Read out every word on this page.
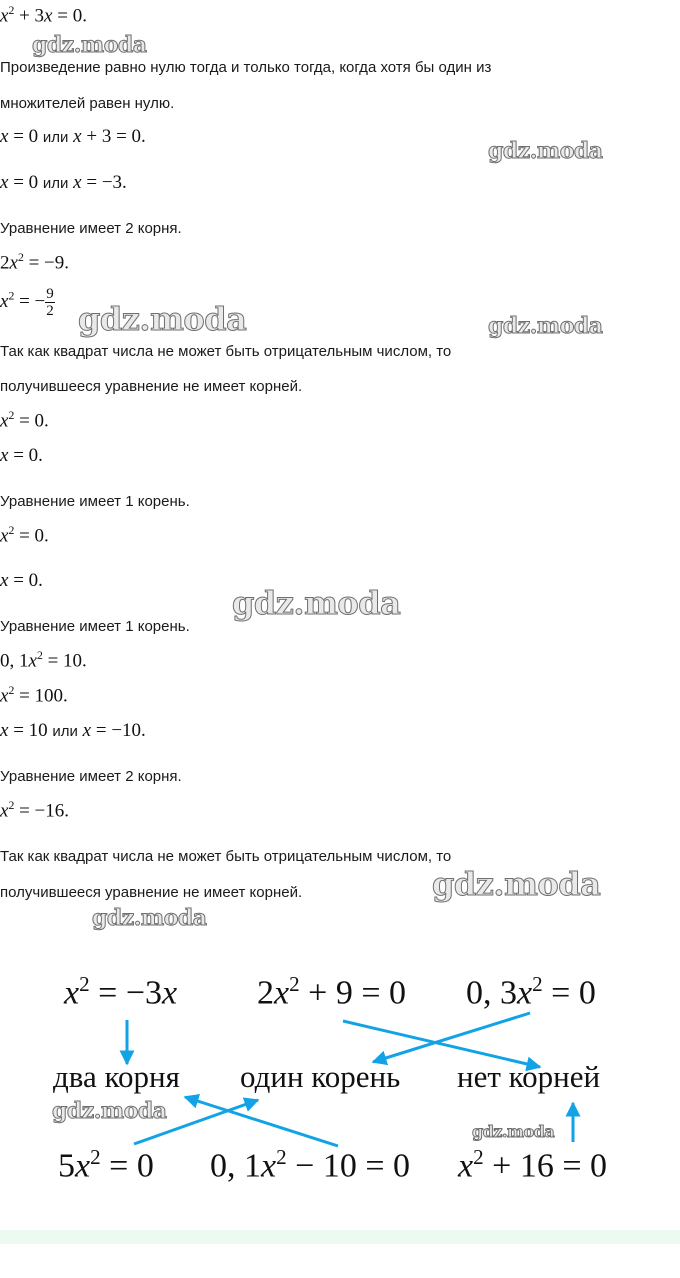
$x^2 + 3x = 0$.
Произведение равно нулю тогда и только тогда, когда хотя бы один из
множителей равен нулю.
x = 0 или x + 3 = 0.
x = 0 или x = −3.
Уравнение имеет 2 корня.
$2x^2 = -9$.
$x^2$ = − $\frac{9}{2}$
Так как квадрат числа не может быть отрицательным числом, то
получившееся уравнение не имеет корней.
$x^2 = 0$.
x = 0.
Уравнение имеет 1 корень.
$x^2 = 0$.
x = 0.
Уравнение имеет 1 корень.
0, $1x^2 = 10$.
$x^2 = 100$.
x = 10 или x = −10.
Уравнение имеет 2 корня.
$x^2 = -16$.
Так как квадрат числа не может быть отрицательным числом, то
получившееся уравнение не имеет корней.
$x^2 = -3x$ $2x^2 + 9 = 0$ 0, $3x^2 = 0$
два корня один корень нет корней
$5x^2 = 0$ 0, $1x^2 - 10 = 0$ $x^2 + 16 = 0$
gdz.moda
gdz.moda
gdz.moda	gdz.moda
gdz.moda
gdz.moda
gdz.moda
gdz.moda
gdz.moda
